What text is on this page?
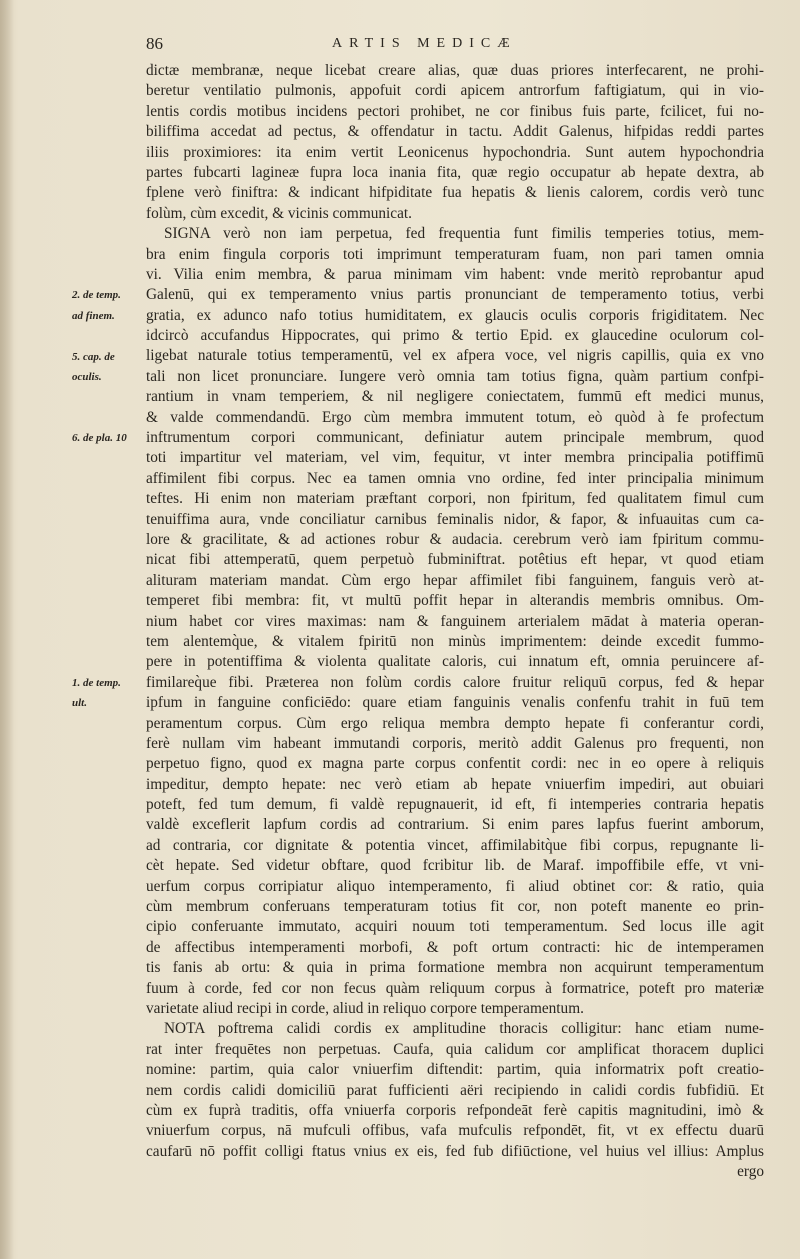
86	ARTIS MEDICÆ
2. de temp.
ad finem.
5. cap. de
oculis.
6. de pla. 10
1. de temp.
ult.
dictæ membranæ, neque licebat creare alias, quæ duas priores interfecarent, ne prohi-
beretur ventilatio pulmonis, appofuit cordi apicem antrorfum faftigiatum, qui in vio-
lentis cordis motibus incidens pectori prohibet, ne cor finibus fuis parte, fcilicet, fui no-
biliffima accedat ad pectus, & offendatur in tactu. Addit Galenus, hifpidas reddi partes
iliis proximiores: ita enim vertit Leonicenus hypochondria. Sunt autem hypochondria
partes fubcarti lagineæ fupra loca inania fita, quæ regio occupatur ab hepate dextra, ab
fplene verò finiftra: & indicant hifpiditate fua hepatis & lienis calorem, cordis verò tunc
folùm, cùm excedit, & vicinis communicat.
SIGNA verò non iam perpetua, fed frequentia funt fimilis temperies totius, mem-
bra enim fingula corporis toti imprimunt temperaturam fuam, non pari tamen omnia
vi. Vilia enim membra, & parua minimam vim habent: vnde meritò reprobantur apud
Galenū, qui ex temperamento vnius partis pronunciant de temperamento totius, verbi
gratia, ex adunco nafo totius humiditatem, ex glaucis oculis corporis frigiditatem. Nec
idcircò accufandus Hippocrates, qui primo & tertio Epid. ex glaucedine oculorum col-
ligebat naturale totius temperamentū, vel ex afpera voce, vel nigris capillis, quia ex vno
tali non licet pronunciare. Iungere verò omnia tam totius figna, quàm partium confpi-
rantium in vnam temperiem, & nil negligere coniectatem, fummū eft medici munus,
& valde commendandū. Ergo cùm membra immutent totum, eò quòd à fe profectum
inftrumentum corpori communicant, definiatur autem principale membrum, quod
toti impartitur vel materiam, vel vim, fequitur, vt inter membra principalia potiffimū
affimilent fibi corpus. Nec ea tamen omnia vno ordine, fed inter principalia minimum
teftes. Hi enim non materiam præftant corpori, non fpiritum, fed qualitatem fimul cum
tenuiffima aura, vnde conciliatur carnibus feminalis nidor, & fapor, & infuauitas cum ca-
lore & gracilitate, & ad actiones robur & audacia. cerebrum verò iam fpiritum commu-
nicat fibi attemperatū, quem perpetuò fubminiftrat. potêtius eft hepar, vt quod etiam
alituram materiam mandat. Cùm ergo hepar affimilet fibi fanguinem, fanguis verò at-
temperet fibi membra: fit, vt multū poffit hepar in alterandis membris omnibus. Om-
nium habet cor vires maximas: nam & fanguinem arterialem mādat à materia operan-
tem alentemq̀ue, & vitalem fpiritū non minùs imprimentem: deinde excedit fummo-
pere in potentiffima & violenta qualitate caloris, cui innatum eft, omnia peruincere af-
fimilareq̀ue fibi. Præterea non folùm cordis calore fruitur reliquū corpus, fed & hepar
ipfum in fanguine conficiēdo: quare etiam fanguinis venalis confenfu trahit in fuū tem
peramentum corpus. Cùm ergo reliqua membra dempto hepate fi conferantur cordi,
ferè nullam vim habeant immutandi corporis, meritò addit Galenus pro frequenti, non
perpetuo figno, quod ex magna parte corpus confentit cordi: nec in eo opere à reliquis
impeditur, dempto hepate: nec verò etiam ab hepate vniuerfim impediri, aut obuiari
poteft, fed tum demum, fi valdè repugnauerit, id eft, fi intemperies contraria hepatis
valdè exceflerit lapfum cordis ad contrarium. Si enim pares lapfus fuerint amborum,
ad contraria, cor dignitate & potentia vincet, affimilabitq̀ue fibi corpus, repugnante li-
cèt hepate. Sed videtur obftare, quod fcribitur lib. de Maraf. impoffibile effe, vt vni-
uerfum corpus corripiatur aliquo intemperamento, fi aliud obtinet cor: & ratio, quia
cùm membrum conferuans temperaturam totius fit cor, non poteft manente eo prin-
cipio conferuante immutato, acquiri nouum toti temperamentum. Sed locus ille agit
de affectibus intemperamenti morbofi, & poft ortum contracti: hic de intemperamen
tis fanis ab ortu: & quia in prima formatione membra non acquirunt temperamentum
fuum à corde, fed cor non fecus quàm reliquum corpus à formatrice, poteft pro materiæ
varietate aliud recipi in corde, aliud in reliquo corpore temperamentum.
NOTA poftrema calidi cordis ex amplitudine thoracis colligitur: hanc etiam nume-
rat inter frequētes non perpetuas. Caufa, quia calidum cor amplificat thoracem duplici
nomine: partim, quia calor vniuerfim diftendit: partim, quia informatrix poft creatio-
nem cordis calidi domiciliū parat fufficienti aëri recipiendo in calidi cordis fubfidiū. Et
cùm ex fuprà traditis, offa vniuerfa corporis refpondeāt ferè capitis magnitudini, imò &
vniuerfum corpus, nā mufculi offibus, vafa mufculis refpondēt, fit, vt ex effectu duarū
caufarū nō poffit colligi ftatus vnius ex eis, fed fub difiūctione, vel huius vel illius: Amplus
ergo
